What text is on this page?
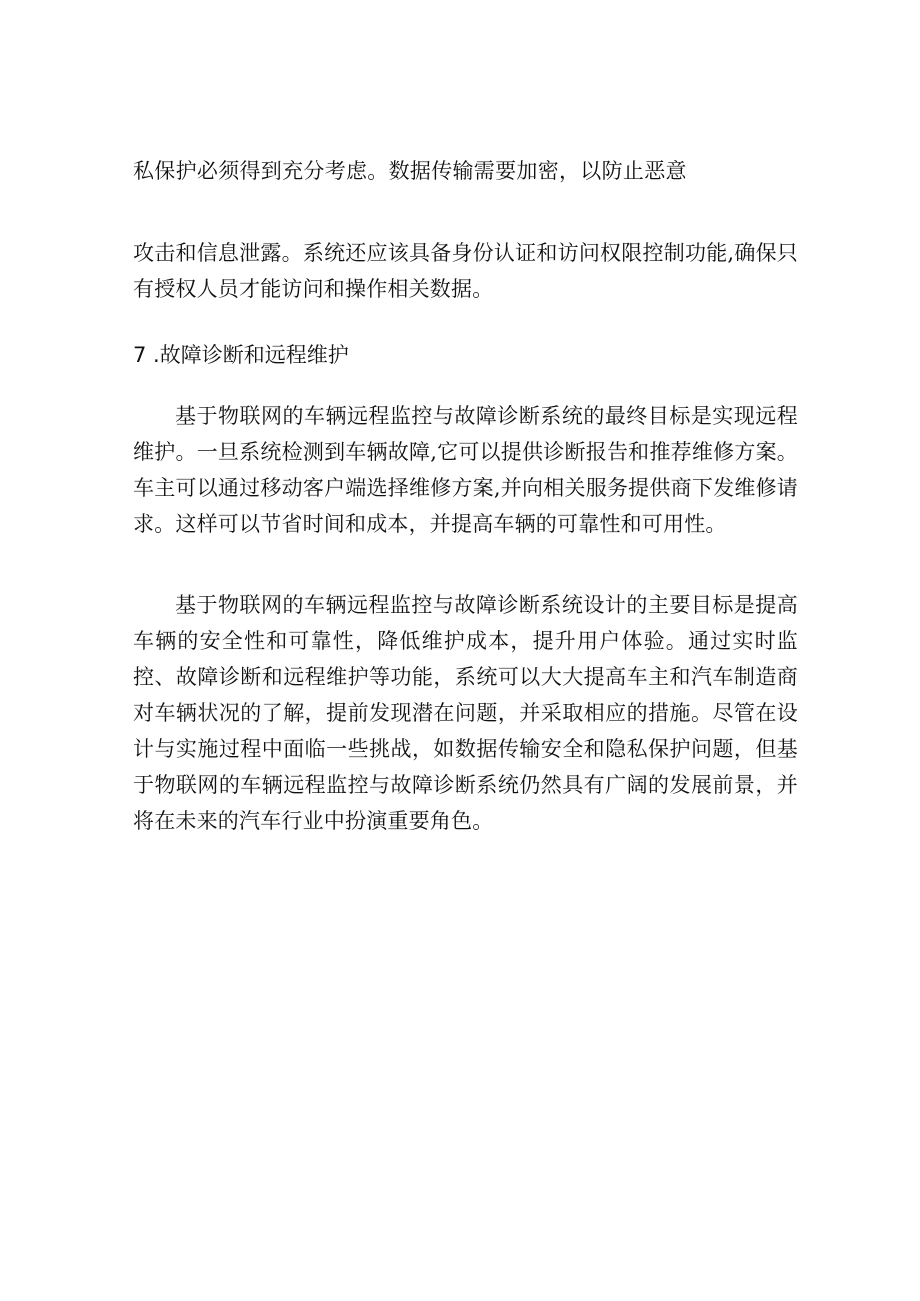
私保护必须得到充分考虑。数据传输需要加密，以防止恶意
攻击和信息泄露。系统还应该具备身份认证和访问权限控制功能,确保只有授权人员才能访问和操作相关数据。
7 .故障诊断和远程维护
基于物联网的车辆远程监控与故障诊断系统的最终目标是实现远程维护。一旦系统检测到车辆故障,它可以提供诊断报告和推荐维修方案。车主可以通过移动客户端选择维修方案,并向相关服务提供商下发维修请求。这样可以节省时间和成本，并提高车辆的可靠性和可用性。
基于物联网的车辆远程监控与故障诊断系统设计的主要目标是提高车辆的安全性和可靠性，降低维护成本，提升用户体验。通过实时监控、故障诊断和远程维护等功能，系统可以大大提高车主和汽车制造商对车辆状况的了解，提前发现潜在问题，并采取相应的措施。尽管在设计与实施过程中面临一些挑战，如数据传输安全和隐私保护问题，但基于物联网的车辆远程监控与故障诊断系统仍然具有广阔的发展前景，并将在未来的汽车行业中扮演重要角色。
